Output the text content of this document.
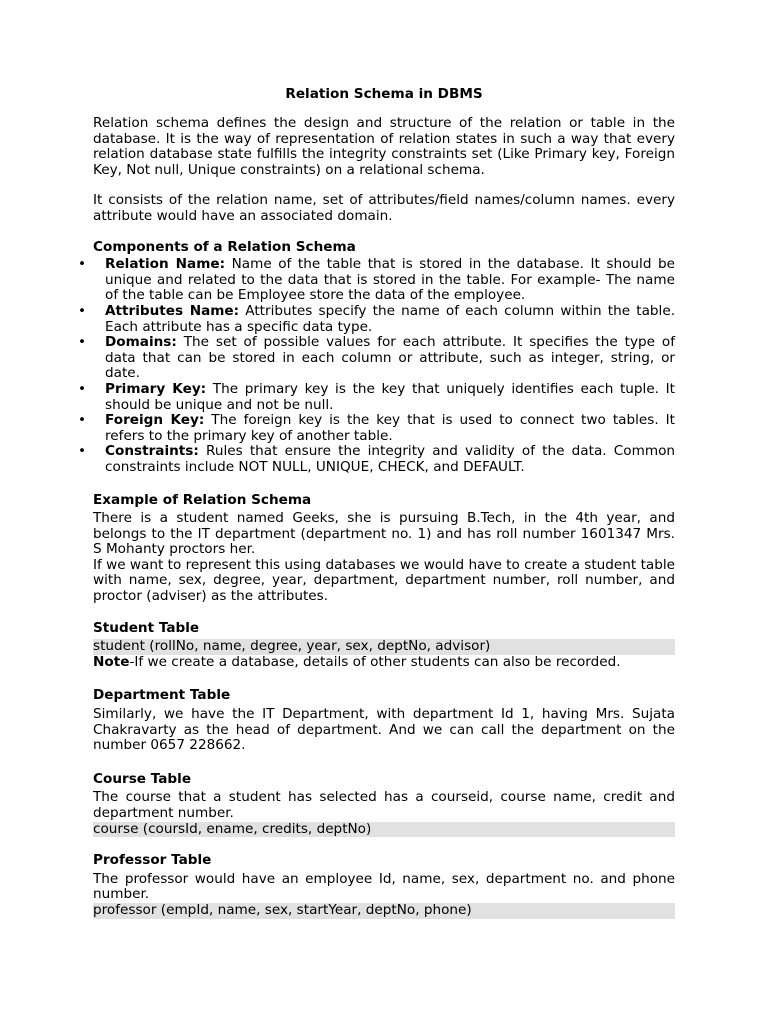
Relation Schema in DBMS

Relation schema defines the design and structure of the relation or table in the database. It is the way of representation of relation states in such a way that every relation database state fulfills the integrity constraints set (Like Primary key, Foreign Key, Not null, Unique constraints) on a relational schema.

It consists of the relation name, set of attributes/field names/column names. every attribute would have an associated domain.

Components of a Relation Schema
• Relation Name: Name of the table that is stored in the database. It should be unique and related to the data that is stored in the table. For example- The name of the table can be Employee store the data of the employee.
• Attributes Name: Attributes specify the name of each column within the table. Each attribute has a specific data type.
• Domains: The set of possible values for each attribute. It specifies the type of data that can be stored in each column or attribute, such as integer, string, or date.
• Primary Key: The primary key is the key that uniquely identifies each tuple. It should be unique and not be null.
• Foreign Key: The foreign key is the key that is used to connect two tables. It refers to the primary key of another table.
• Constraints: Rules that ensure the integrity and validity of the data. Common constraints include NOT NULL, UNIQUE, CHECK, and DEFAULT.
Example of Relation Schema

There is a student named Geeks, she is pursuing B.Tech, in the 4th year, and belongs to the IT department (department no. 1) and has roll number 1601347 Mrs. S Mohanty proctors her.

If we want to represent this using databases we would have to create a student table with name, sex, degree, year, department, department number, roll number, and proctor (adviser) as the attributes.

Student Table
student (rollNo, name, degree, year, sex, deptNo, advisor)

Note-If we create a database, details of other students can also be recorded.

Department Table

Similarly, we have the IT Department, with department Id 1, having Mrs. Sujata Chakravarty as the head of department. And we can call the department on the number 0657 228662.

Course Table

The course that a student has selected has a courseid, course name, credit and department number.

course (coursId, ename, credits, deptNo)
Professor Table

The professor would have an employee Id, name, sex, department no. and phone number.

professor (empId, name, sex, startYear, deptNo, phone)
